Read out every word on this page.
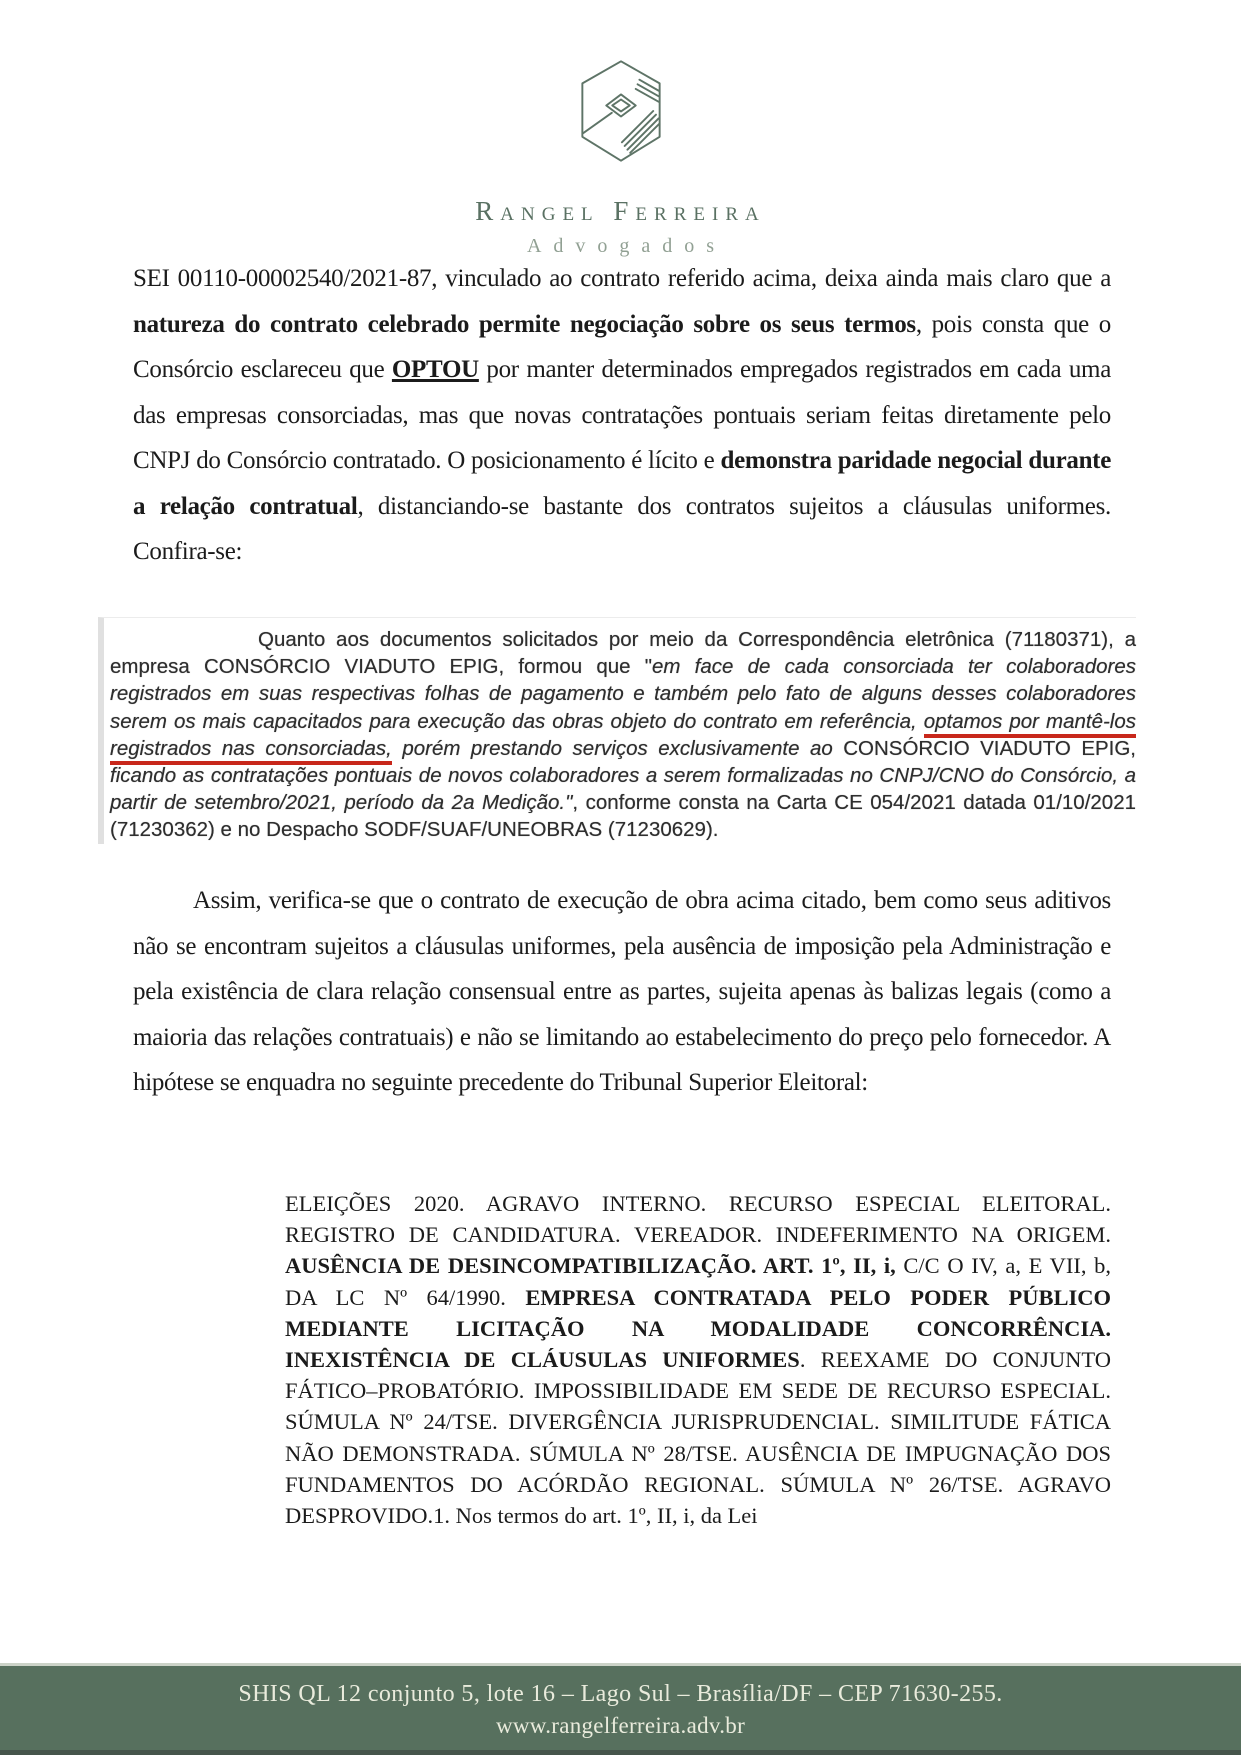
Rangel Ferreira
Advogados
SEI 00110-00002540/2021-87, vinculado ao contrato referido acima, deixa ainda mais claro que a natureza do contrato celebrado permite negociação sobre os seus termos, pois consta que o Consórcio esclareceu que OPTOU por manter determinados empregados registrados em cada uma das empresas consorciadas, mas que novas contratações pontuais seriam feitas diretamente pelo CNPJ do Consórcio contratado. O posicionamento é lícito e demonstra paridade negocial durante a relação contratual, distanciando-se bastante dos contratos sujeitos a cláusulas uniformes. Confira-se:
Quanto aos documentos solicitados por meio da Correspondência eletrônica (71180371), a empresa CONSÓRCIO VIADUTO EPIG, formou que "em face de cada consorciada ter colaboradores registrados em suas respectivas folhas de pagamento e também pelo fato de alguns desses colaboradores serem os mais capacitados para execução das obras objeto do contrato em referência, optamos por mantê-los registrados nas consorciadas, porém prestando serviços exclusivamente ao CONSÓRCIO VIADUTO EPIG, ficando as contratações pontuais de novos colaboradores a serem formalizadas no CNPJ/CNO do Consórcio, a partir de setembro/2021, período da 2a Medição.", conforme consta na Carta CE 054/2021 datada 01/10/2021 (71230362) e no Despacho SODF/SUAF/UNEOBRAS (71230629).
Assim, verifica-se que o contrato de execução de obra acima citado, bem como seus aditivos não se encontram sujeitos a cláusulas uniformes, pela ausência de imposição pela Administração e pela existência de clara relação consensual entre as partes, sujeita apenas às balizas legais (como a maioria das relações contratuais) e não se limitando ao estabelecimento do preço pelo fornecedor. A hipótese se enquadra no seguinte precedente do Tribunal Superior Eleitoral:
ELEIÇÕES 2020. AGRAVO INTERNO. RECURSO ESPECIAL ELEITORAL. REGISTRO DE CANDIDATURA. VEREADOR. INDEFERIMENTO NA ORIGEM. AUSÊNCIA DE DESINCOMPATIBILIZAÇÃO. ART. 1º, II, i, C/C O IV, a, E VII, b, DA LC Nº 64/1990. EMPRESA CONTRATADA PELO PODER PÚBLICO MEDIANTE LICITAÇÃO NA MODALIDADE CONCORRÊNCIA. INEXISTÊNCIA DE CLÁUSULAS UNIFORMES. REEXAME DO CONJUNTO FÁTICO–PROBATÓRIO. IMPOSSIBILIDADE EM SEDE DE RECURSO ESPECIAL. SÚMULA Nº 24/TSE. DIVERGÊNCIA JURISPRUDENCIAL. SIMILITUDE FÁTICA NÃO DEMONSTRADA. SÚMULA Nº 28/TSE. AUSÊNCIA DE IMPUGNAÇÃO DOS FUNDAMENTOS DO ACÓRDÃO REGIONAL. SÚMULA Nº 26/TSE. AGRAVO DESPROVIDO.1. Nos termos do art. 1º, II, i, da Lei
SHIS QL 12 conjunto 5, lote 16 – Lago Sul – Brasília/DF – CEP 71630-255.
www.rangelferreira.adv.br
